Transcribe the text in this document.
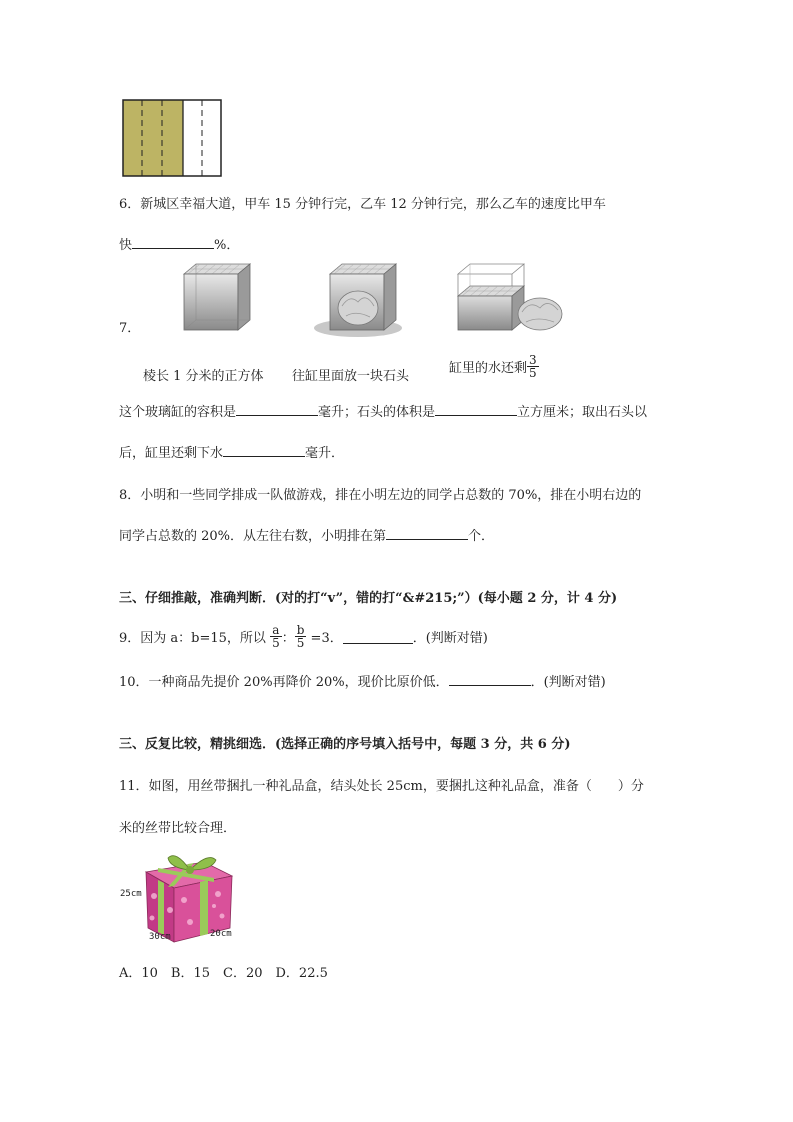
6．新城区幸福大道，甲车 15 分钟行完，乙车 12 分钟行完，那么乙车的速度比甲车
快	%．
7．
棱长 1 分米的正方体 往缸里面放一块石头
缸里的水还剩 $\frac{3}{5}$
这个玻璃缸的容积是	毫升；石头的体积是	立方厘米；取出石头以
后，缸里还剩下水	毫升．
8．小明和一些同学排成一队做游戏，排在小明左边的同学占总数的 70%，排在小明右边的
同学占总数的 20%．从左往右数，小明排在第	个．
三、仔细推敲，准确判断．(对的打“v”，错的打“&#215;”）(每小题 2 分，计 4 分)
9．因为 a：b=15，所以 $\frac{a}{5}$ ： $\frac{b}{5} =3$．	．(判断对错)
10．一种商品先提价 20%再降价 20%，现价比原价低．	．(判断对错)
三、反复比较，精挑细选．(选择正确的序号填入括号中，每题 3 分，共 6 分)
11．如图，用丝带捆扎一种礼品盒，结头处长 25cm，要捆扎这种礼品盒，准备（　　）分
米的丝带比较合理．
25cm
30cm	20cm
A．10　B．15　C．20　D．22.5
